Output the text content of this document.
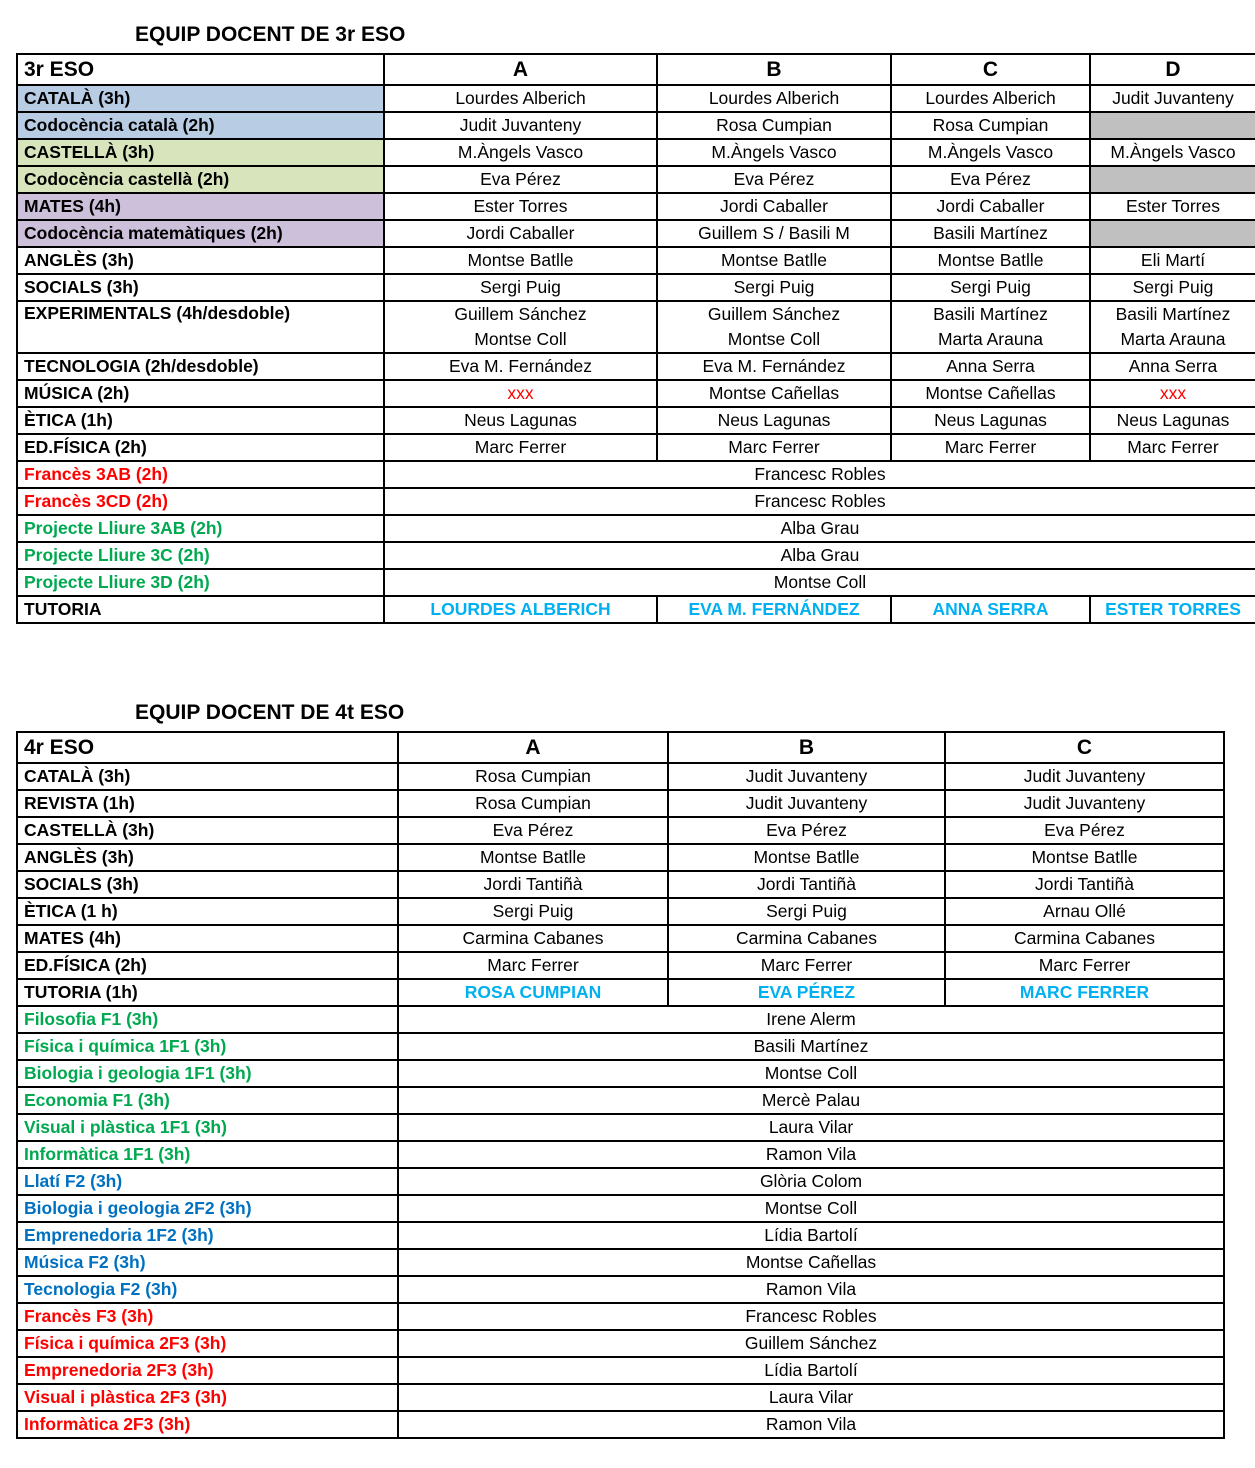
EQUIP DOCENT DE 3r ESO
3r ESO	A	B	C	D
CATALÀ (3h)	Lourdes Alberich	Lourdes Alberich	Lourdes Alberich	Judit Juvanteny
Codocència català (2h)	Judit Juvanteny	Rosa Cumpian	Rosa Cumpian	
CASTELLÀ (3h)	M.Àngels Vasco	M.Àngels Vasco	M.Àngels Vasco	M.Àngels Vasco
Codocència castellà (2h)	Eva Pérez	Eva Pérez	Eva Pérez	
MATES (4h)	Ester Torres	Jordi Caballer	Jordi Caballer	Ester Torres
Codocència matemàtiques (2h)	Jordi Caballer	Guillem S / Basili M	Basili Martínez	
ANGLÈS (3h)	Montse Batlle	Montse Batlle	Montse Batlle	Eli Martí
SOCIALS (3h)	Sergi Puig	Sergi Puig	Sergi Puig	Sergi Puig
EXPERIMENTALS (4h/desdoble)	Guillem Sánchez	Guillem Sánchez	Basili Martínez	Basili Martínez
	Montse Coll	Montse Coll	Marta Arauna	Marta Arauna
TECNOLOGIA (2h/desdoble)	Eva M. Fernández	Eva M. Fernández	Anna Serra	Anna Serra
MÚSICA (2h)	xxx	Montse Cañellas	Montse Cañellas	xxx
ÈTICA (1h)	Neus Lagunas	Neus Lagunas	Neus Lagunas	Neus Lagunas
ED.FÍSICA (2h)	Marc Ferrer	Marc Ferrer	Marc Ferrer	Marc Ferrer
Francès 3AB (2h)	Francesc Robles			
Francès 3CD (2h)	Francesc Robles			
Projecte Lliure 3AB (2h)	Alba Grau			
Projecte Lliure 3C (2h)	Alba Grau			
Projecte Lliure 3D (2h)	Montse Coll			
TUTORIA	LOURDES ALBERICH	EVA M. FERNÁNDEZ	ANNA SERRA	ESTER TORRES
EQUIP DOCENT DE 4t ESO
4r ESO	A	B	C
CATALÀ (3h)	Rosa Cumpian	Judit Juvanteny	Judit Juvanteny
REVISTA (1h)	Rosa Cumpian	Judit Juvanteny	Judit Juvanteny
CASTELLÀ (3h)	Eva Pérez	Eva Pérez	Eva Pérez
ANGLÈS (3h)	Montse Batlle	Montse Batlle	Montse Batlle
SOCIALS (3h)	Jordi Tantiñà	Jordi Tantiñà	Jordi Tantiñà
ÈTICA (1 h)	Sergi Puig	Sergi Puig	Arnau Ollé
MATES (4h)	Carmina Cabanes	Carmina Cabanes	Carmina Cabanes
ED.FÍSICA (2h)	Marc Ferrer	Marc Ferrer	Marc Ferrer
TUTORIA (1h)	ROSA CUMPIAN	EVA PÉREZ	MARC FERRER
Filosofia F1 (3h)	Irene Alerm		
Física i química 1F1 (3h)	Basili Martínez		
Biologia i geologia 1F1 (3h)	Montse Coll		
Economia F1 (3h)	Mercè Palau		
Visual i plàstica 1F1 (3h)	Laura Vilar		
Informàtica 1F1 (3h)	Ramon Vila		
Llatí F2 (3h)	Glòria Colom		
Biologia i geologia 2F2 (3h)	Montse Coll		
Emprenedoria 1F2 (3h)	Lídia Bartolí		
Música F2 (3h)	Montse Cañellas		
Tecnologia F2 (3h)	Ramon Vila		
Francès F3 (3h)	Francesc Robles		
Física i química 2F3 (3h)	Guillem Sánchez		
Emprenedoria 2F3 (3h)	Lídia Bartolí		
Visual i plàstica 2F3 (3h)	Laura Vilar		
Informàtica 2F3 (3h)	Ramon Vila		
